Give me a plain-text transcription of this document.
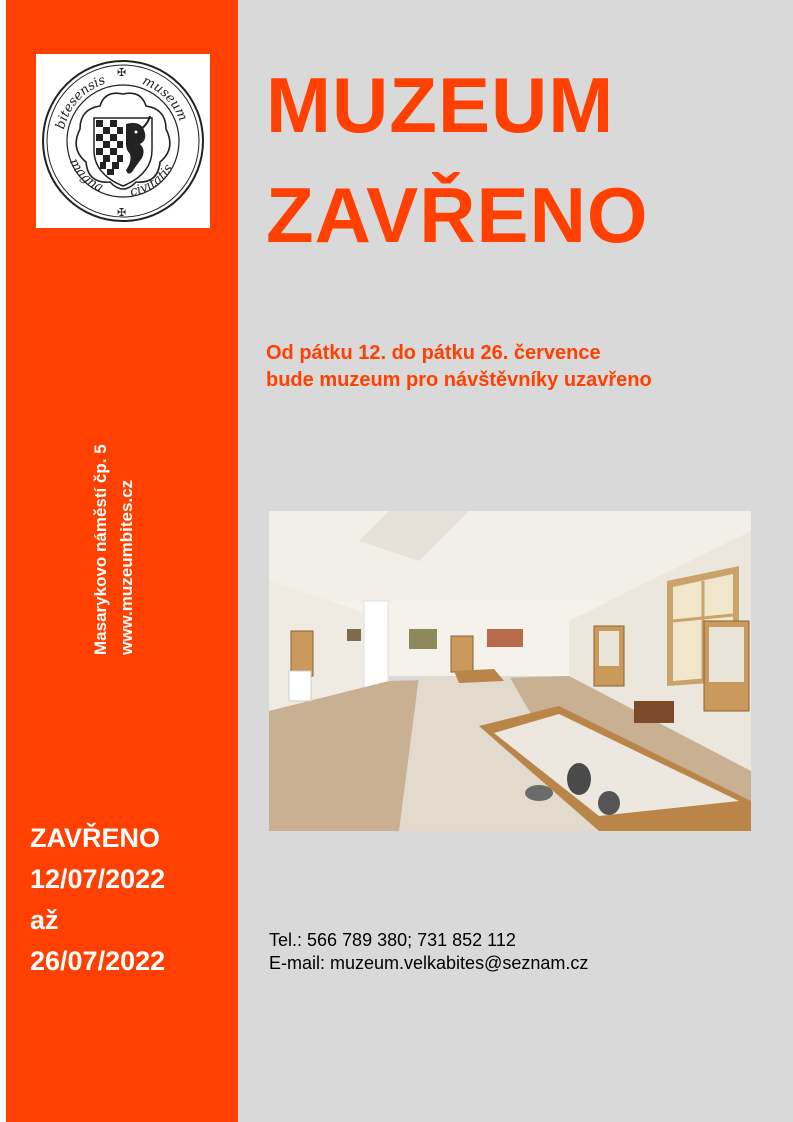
bitesensis	museum
magna civitatis
✠
✠
Masarykovo náměstí čp. 5 www.muzeumbites.cz
ZAVŘENO
12/07/2022
až
26/07/2022
MUZEUM
ZAVŘENO
Od pátku 12. do pátku 26. července
bude muzeum pro návštěvníky uzavřeno
Tel.: 566 789 380; 731 852 112
E-mail: muzeum.velkabites@seznam.cz
